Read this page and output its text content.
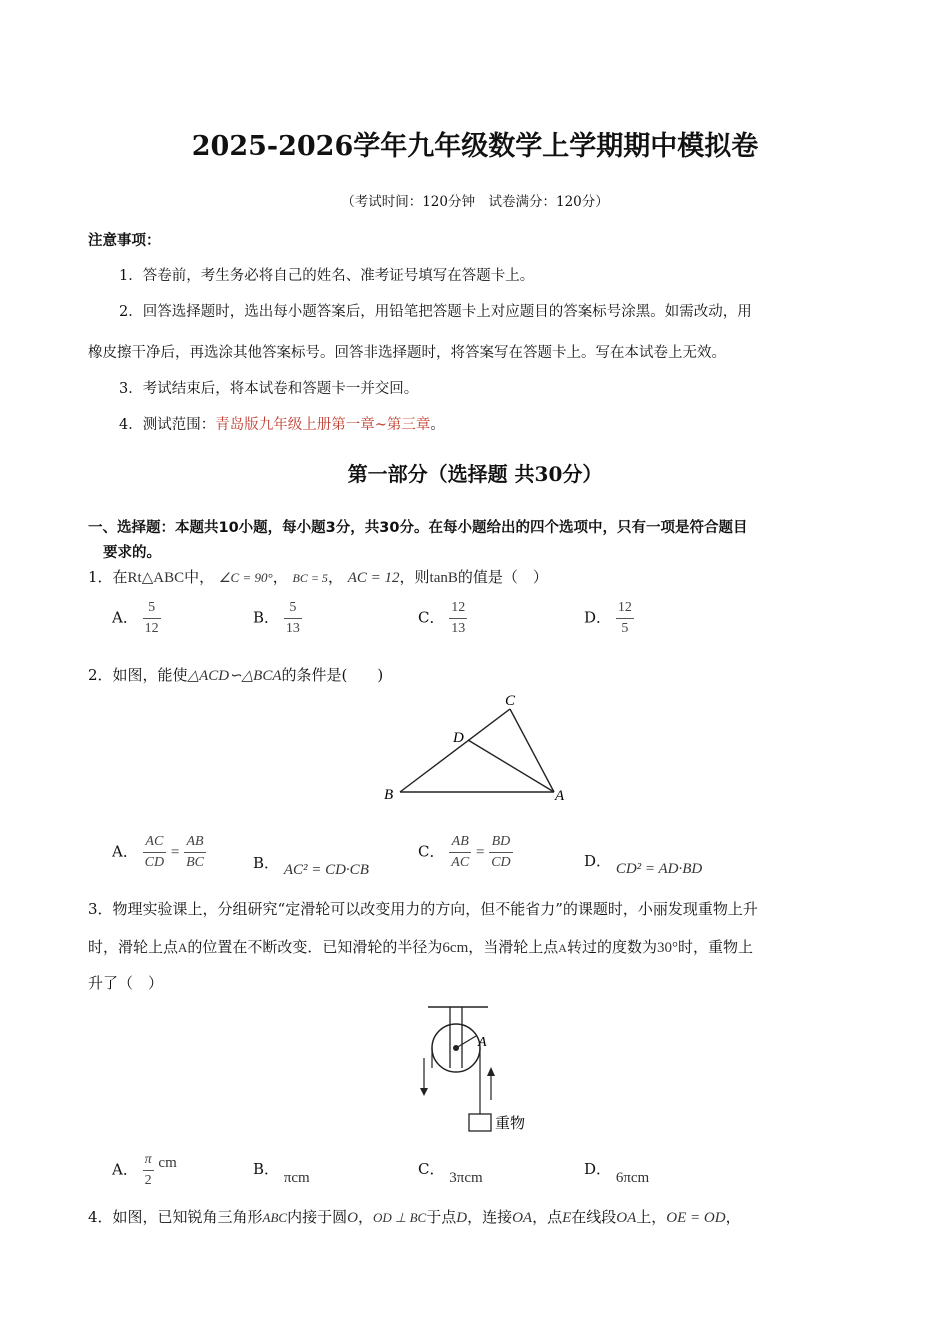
2025-2026学年九年级数学上学期期中模拟卷
（考试时间：120分钟　试卷满分：120分）
注意事项：
1．答卷前，考生务必将自己的姓名、准考证号填写在答题卡上。
2．回答选择题时，选出每小题答案后，用铅笔把答题卡上对应题目的答案标号涂黑。如需改动，用
橡皮擦干净后，再选涂其他答案标号。回答非选择题时，将答案写在答题卡上。写在本试卷上无效。
3．考试结束后，将本试卷和答题卡一并交回。
4．测试范围：青岛版九年级上册第一章~第三章。
第一部分（选择题 共30分）
一、选择题：本题共10小题，每小题3分，共30分。在每小题给出的四个选项中，只有一项是符合题目
要求的。
1．在Rt△ABC中， ∠C = 90°， BC = 5， AC = 12，则tanB的值是（　）
A． $\frac{5}{12}$	B． $\frac{5}{13}$	C． $\frac{12}{13}$	D． $\frac{12}{5}$
2．如图，能使△ACD∽△BCA的条件是(　　)
B	A
C
D
A． $\frac{AC}{CD} = \frac{AB}{BC}$	B． AC² = CD·CB
C． $\frac{AB}{AC} = \frac{BD}{CD}$	D． CD² = AD·BD
3．物理实验课上，分组研究“定滑轮可以改变用力的方向，但不能省力”的课题时，小丽发现重物上升
时，滑轮上点A的位置在不断改变．已知滑轮的半径为6cm，当滑轮上点A转过的度数为30°时，重物上
升了（　）
A
重物
A． $\frac{\pi}{2}$ cm	B． πcm	C． 3πcm	D． 6πcm
4．如图，已知锐角三角形ABC内接于圆O，OD ⊥ BC于点D，连接OA，点E在线段OA上，OE = OD，
